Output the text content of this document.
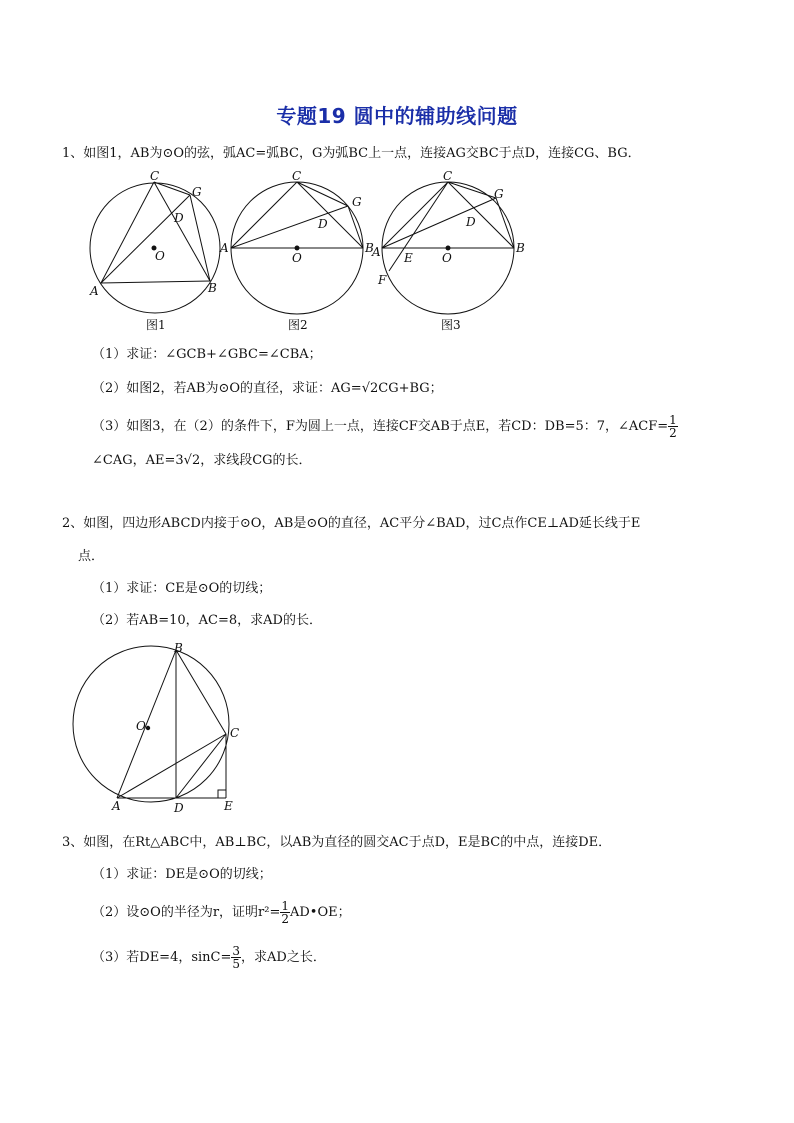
专题19 圆中的辅助线问题
1、如图1，AB为⊙O的弦，弧AC=弧BC，G为弧BC上一点，连接AG交BC于点D，连接CG、BG．
C
G
D
O
A	B
C
G
D
O
A	B
C
G
D
O
A	B
E
F
图1	图2	图3
（1）求证：∠GCB+∠GBC=∠CBA；
（2）如图2，若AB为⊙O的直径，求证：AG=√2CG+BG；
（3）如图3，在（2）的条件下，F为圆上一点，连接CF交AB于点E，若CD：DB=5：7，∠ACF= $\frac{1}{2}$
∠CAG，AE=3√2，求线段CG的长．
2、如图，四边形ABCD内接于⊙O，AB是⊙O的直径，AC平分∠BAD，过C点作CE⊥AD延长线于E
点．
（1）求证：CE是⊙O的切线；
（2）若AB=10，AC=8，求AD的长．
B
O	C
A	D	E
3、如图，在Rt△ABC中，AB⊥BC，以AB为直径的圆交AC于点D，E是BC的中点，连接DE．
（1）求证：DE是⊙O的切线；
（2）设⊙O的半径为r，证明$r^2= \frac{1}{2}$ AD•OE；
（3）若DE=4，$\sin C= \frac{3}{5}$ ，求AD之长．
